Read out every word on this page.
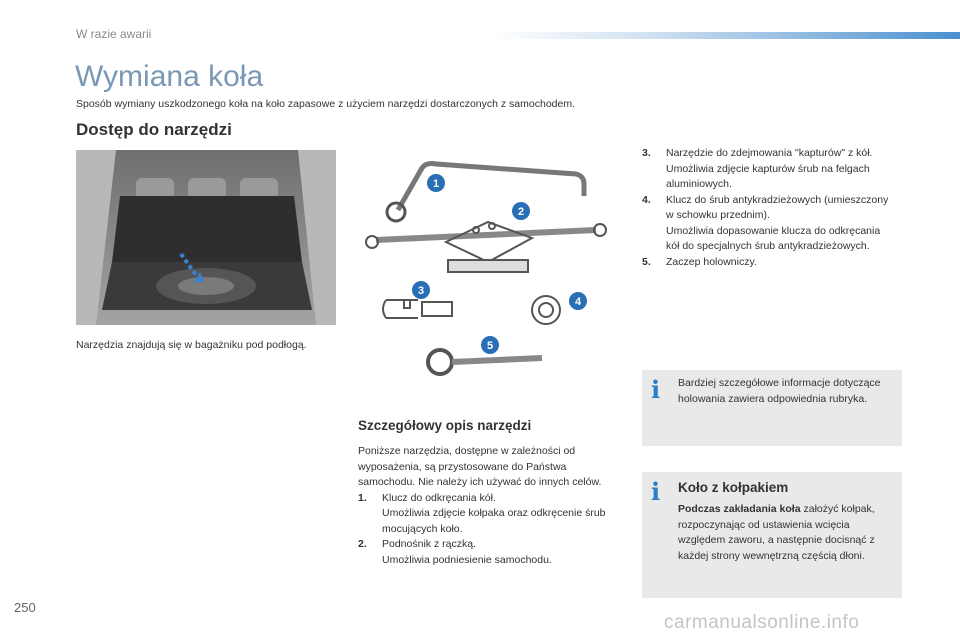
W razie awarii
Wymiana koła
Sposób wymiany uszkodzonego koła na koło zapasowe z użyciem narzędzi dostarczonych z samochodem.
Dostęp do narzędzi
Narzędzia znajdują się w bagażniku pod podłogą.
1
2
3
4
5
Szczegółowy opis narzędzi
Poniższe narzędzia, dostępne w zależności od wyposażenia, są przystosowane do Państwa samochodu. Nie należy ich używać do innych celów.
1. Klucz do odkręcania kół.
Umożliwia zdjęcie kołpaka oraz odkręcenie śrub mocujących koło.
2. Podnośnik z rączką.
Umożliwia podniesienie samochodu.
3. Narzędzie do zdejmowania "kapturów" z kół.
Umożliwia zdjęcie kapturów śrub na felgach aluminiowych.
4. Klucz do śrub antykradzieżowych (umieszczony w schowku przednim).
Umożliwia dopasowanie klucza do odkręcania kół do specjalnych śrub antykradzieżowych.
5. Zaczep holowniczy.
i Bardziej szczegółowe informacje dotyczące holowania zawiera odpowiednia rubryka.
i Koło z kołpakiem
Podczas zakładania koła założyć kołpak, rozpoczynając od ustawienia wcięcia względem zaworu, a następnie docisnąć z każdej strony wewnętrzną częścią dłoni.
250
carmanualsonline.info
